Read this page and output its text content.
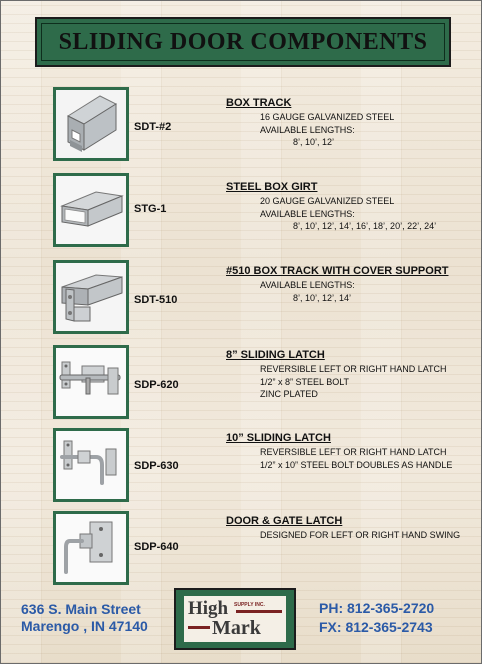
SLIDING DOOR COMPONENTS
SDT-#2
BOX TRACK
16 GAUGE GALVANIZED STEEL
AVAILABLE LENGTHS:
8’, 10’, 12’
STG-1
STEEL BOX GIRT
20 GAUGE GALVANIZED STEEL
AVAILABLE LENGTHS:
8’, 10’, 12’, 14’, 16’, 18’, 20’, 22’, 24’
SDT-510
#510 BOX TRACK WITH COVER SUPPORT
AVAILABLE LENGTHS:
8’, 10’, 12’, 14’
SDP-620
8” SLIDING LATCH
REVERSIBLE LEFT OR RIGHT HAND LATCH
1/2” x 8” STEEL BOLT
ZINC PLATED
SDP-630
10” SLIDING LATCH
REVERSIBLE LEFT OR RIGHT HAND LATCH
1/2” x 10” STEEL BOLT DOUBLES AS HANDLE
SDP-640
DOOR & GATE LATCH
DESIGNED FOR LEFT OR RIGHT HAND SWING
636 S. Main Street
Marengo , IN 47140
High SUPPLY INC.
Mark
PH: 812-365-2720
FX: 812-365-2743
